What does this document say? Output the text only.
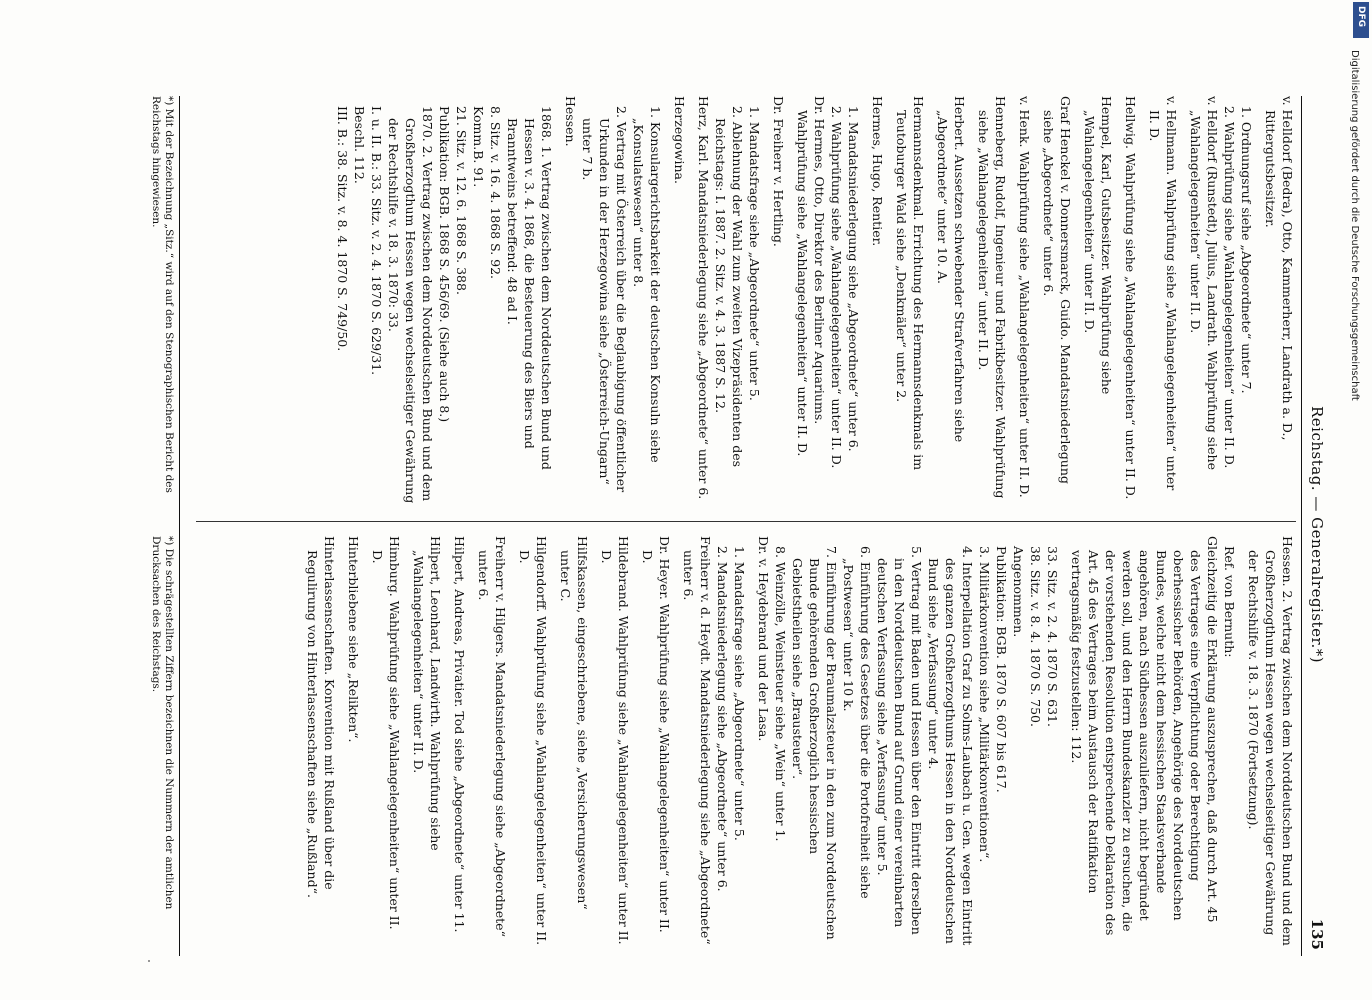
Reichstag. — Generalregister.*)
135

v. Helldorf (Bedra), Otto, Kammerherr, Landrath a. D., Rittergutsbesitzer.

1. Ordnungsruf siehe „Abgeordnete“ unter 7.

2. Wahlprüfung siehe „Wahlangelegenheiten“ unter II. D.

v. Helldorf (Runstedt), Julius, Landrath. Wahlprüfung siehe „Wahlangelegenheiten“ unter II. D.

v. Hellmann. Wahlprüfung siehe „Wahlangelegenheiten“ unter II. D.

Hellwig. Wahlprüfung siehe „Wahlangelegenheiten“ unter II. D.

Hempel, Karl, Gutsbesitzer. Wahlprüfung siehe „Wahlangelegenheiten“ unter II. D.

Graf Henckel v. Donnersmarck, Guido. Mandatsniederlegung siehe „Abgeordnete“ unter 6.

v. Henk. Wahlprüfung siehe „Wahlangelegenheiten“ unter II. D.

Henneberg, Rudolf, Ingenieur und Fabrikbesitzer. Wahlprüfung siehe „Wahlangelegenheiten“ unter II. D.

Herbert. Aussetzen schwebender Strafverfahren siehe „Abgeordnete“ unter 10. A.

Hermannsdenkmal. Errichtung des Hermannsdenkmals im Teutoburger Wald siehe „Denkmäler“ unter 2.

Hermes, Hugo, Rentier.

1. Mandatsniederlegung siehe „Abgeordnete“ unter 6.

2. Wahlprüfung siehe „Wahlangelegenheiten“ unter II. D.

Dr. Hermes, Otto, Direktor des Berliner Aquariums. Wahlprüfung siehe „Wahlangelegenheiten“ unter II. D.

Dr. Freiherr v. Hertling.

1. Mandatsfrage siehe „Abgeordnete“ unter 5.

2. Ablehnung der Wahl zum zweiten Vizepräsidenten des Reichstags: I. 1887. 2. Sitz. v. 4. 3. 1887 S. 12.

Herz, Karl. Mandatsniederlegung siehe „Abgeordnete“ unter 6.

Herzegowina.

1. Konsulargerichtsbarkeit der deutschen Konsuln siehe „Konsulatswesen“ unter 8.

2. Vertrag mit Österreich über die Beglaubigung öffentlicher Urkunden in der Herzegowina siehe „Österreich-Ungarn“ unter 7 b.

Hessen.

1868. 1. Vertrag zwischen dem Norddeutschen Bund und Hessen v. 3. 4. 1868, die Besteuerung des Biers und Branntweins betreffend: 48 ad I.

8. Sitz. v. 16. 4. 1868 S. 92.

Komm.B. 91.

21. Sitz. v. 12. 6. 1868 S. 388.

Publikation: BGB. 1868 S. 456/69. (Siehe auch 8.)

1870. 2. Vertrag zwischen dem Norddeutschen Bund und dem Großherzogthum Hessen wegen wechselseitiger Gewährung der Rechtshilfe v. 18. 3. 1870: 33.

I. u. II. B.: 33. Sitz. v. 2. 4. 1870 S. 629/31.

Beschl. 112.

III. B.: 38. Sitz. v. 8. 4. 1870 S. 749/50.

Hessen. 2. Vertrag zwischen dem Norddeutschen Bund und dem Großherzogthum Hessen wegen wechselseitiger Gewährung der Rechtshilfe v. 18. 3. 1870 (Fortsetzung).

Ref. von Bernuth:

Gleichzeitig die Erklärung auszusprechen, daß durch Art. 45 des Vertrages eine Verpflichtung oder Berechtigung oberhessischer Behörden, Angehörige des Norddeutschen Bundes, welche nicht dem hessischen Staatsverbande angehören, nach Südhessen auszuliefern, nicht begründet werden soll, und den Herrn Bundeskanzler zu ersuchen, die der vorstehenden Resolution entsprechende Deklaration des Art. 45 des Vertrages beim Austausch der Ratifikation vertragsmäßig festzustellen: 112.

33. Sitz. v. 2. 4. 1870 S. 631.

38. Sitz. v. 8. 4. 1870 S. 750.

Angenommen.

Publikation: BGB. 1870 S. 607 bis 617.

3. Militärkonvention siehe „Militärkonventionen“.

4. Interpellation Graf zu Solms-Laubach u. Gen. wegen Eintritt des ganzen Großherzogthums Hessen in den Norddeutschen Bund siehe „Verfassung“ unter 4.

5. Vertrag mit Baden und Hessen über den Eintritt derselben in den Norddeutschen Bund auf Grund einer vereinbarten deutschen Verfassung siehe „Verfassung“ unter 5.

6. Einführung des Gesetzes über die Portofreiheit siehe „Postwesen“ unter 10 k.

7. Einführung der Braumalzsteuer in den zum Norddeutschen Bunde gehörenden Großherzoglich hessischen Gebietstheilen siehe „Brausteuer“.

8. Weinzölle, Weinsteuer siehe „Wein“ unter 1.

Dr. v. Heydebrand und der Lasa.

1. Mandatsfrage siehe „Abgeordnete“ unter 5.

2. Mandatsniederlegung siehe „Abgeordnete“ unter 6.

Freiherr v. d. Heydt. Mandatsniederlegung siehe „Abgeordnete“ unter 6.

Dr. Heyer. Wahlprüfung siehe „Wahlangelegenheiten“ unter II. D.

Hildebrand. Wahlprüfung siehe „Wahlangelegenheiten“ unter II. D.

Hilfskassen, eingeschriebene, siehe „Versicherungswesen“ unter C.

Hilgendorff. Wahlprüfung siehe „Wahlangelegenheiten“ unter II. D.

Freiherr v. Hilgers. Mandatsniederlegung siehe „Abgeordnete“ unter 6.

Hilpert, Andreas, Privatier. Tod siehe „Abgeordnete“ unter 11.

Hilpert, Leonhard, Landwirth. Wahlprüfung siehe „Wahlangelegenheiten“ unter II. D.

Himburg. Wahlprüfung siehe „Wahlangelegenheiten“ unter II. D.

Hinterbliebene siehe „Relikten“.

Hinterlassenschaften. Konvention mit Rußland über die Regulirung von Hinterlassenschaften siehe „Rußland“.

*) Mit der Bezeichnung „Sitz.“ wird auf den Stenographischen Bericht des Reichstags hingewiesen.
*) Die schrägestellten Ziffern bezeichnen die Nummern der amtlichen Drucksachen des Reichstags.
Digitalisierung gefördert durch die Deutsche Forschungsgemeinschaft
DFG
